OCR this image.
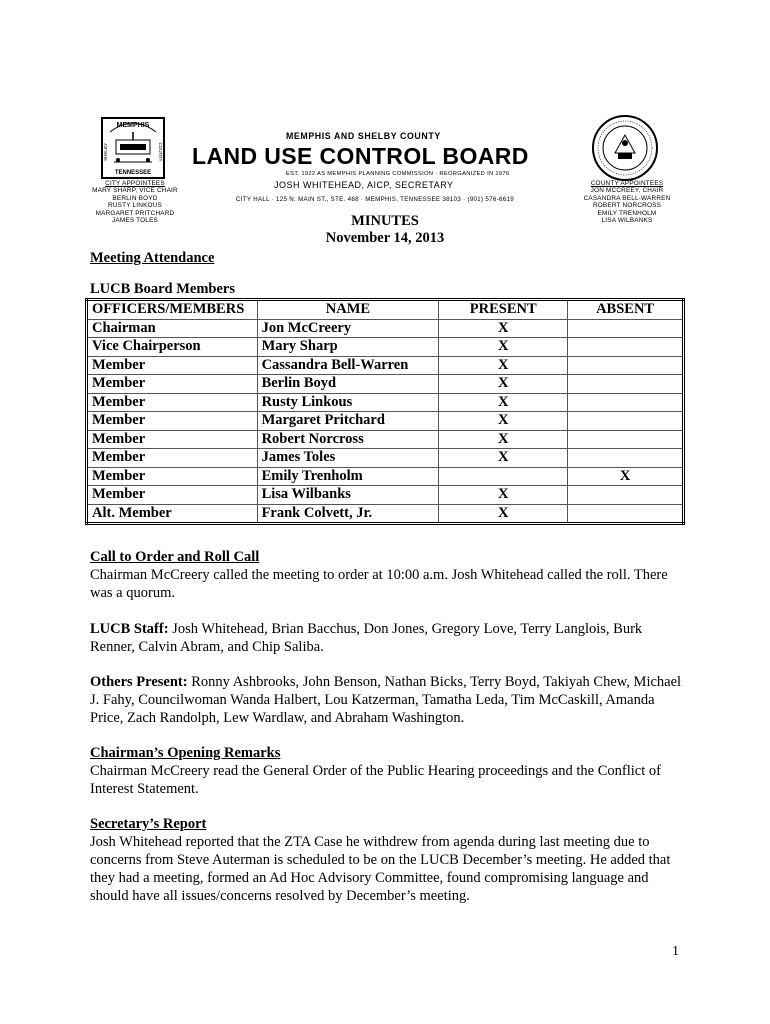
MEMPHIS
TENNESSEE
SHELBY	COUNTY
MEMPHIS AND SHELBY COUNTY
LAND USE CONTROL BOARD
EST. 1922 AS MEMPHIS PLANNING COMMISSION · REORGANIZED IN 1976
JOSH WHITEHEAD, AICP, SECRETARY
CITY HALL · 125 N. MAIN ST., STE. 468 · MEMPHIS, TENNESSEE 38103 · (901) 576-6619
CITY APPOINTEES
MARY SHARP, VICE CHAIR
BERLIN BOYD
RUSTY LINKOUS
MARGARET PRITCHARD
JAMES TOLES
COUNTY APPOINTEES
JON MCCREEY, CHAIR
CASANDRA BELL-WARREN
ROBERT NORCROSS
EMILY TRENHOLM
LISA WILBANKS
MINUTES
November 14, 2013
Meeting Attendance
LUCB Board Members
OFFICERS/MEMBERS	NAME	PRESENT	ABSENT
Chairman	Jon McCreery	X	
Vice Chairperson	Mary Sharp	X	
Member	Cassandra Bell-Warren	X	
Member	Berlin Boyd	X	
Member	Rusty Linkous	X	
Member	Margaret Pritchard	X	
Member	Robert Norcross	X	
Member	James Toles	X	
Member	Emily Trenholm		X
Member	Lisa Wilbanks	X	
Alt. Member	Frank Colvett, Jr.	X	
Call to Order and Roll Call
Chairman McCreery called the meeting to order at 10:00 a.m. Josh Whitehead called the roll. There was a quorum.
LUCB Staff: Josh Whitehead, Brian Bacchus, Don Jones, Gregory Love, Terry Langlois, Burk Renner, Calvin Abram, and Chip Saliba.
Others Present: Ronny Ashbrooks, John Benson, Nathan Bicks, Terry Boyd, Takiyah Chew, Michael J. Fahy, Councilwoman Wanda Halbert, Lou Katzerman, Tamatha Leda, Tim McCaskill, Amanda Price, Zach Randolph, Lew Wardlaw, and Abraham Washington.
Chairman’s Opening Remarks
Chairman McCreery read the General Order of the Public Hearing proceedings and the Conflict of Interest Statement.
Secretary’s Report
Josh Whitehead reported that the ZTA Case he withdrew from agenda during last meeting due to concerns from Steve Auterman is scheduled to be on the LUCB December’s meeting. He added that they had a meeting, formed an Ad Hoc Advisory Committee, found compromising language and should have all issues/concerns resolved by December’s meeting.
1
